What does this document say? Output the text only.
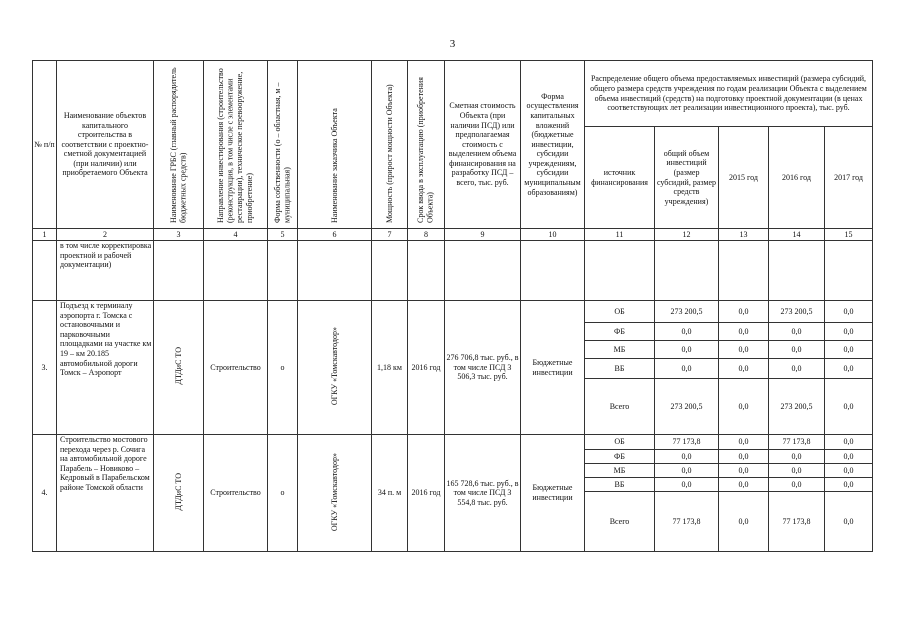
3
№ п/п	Наименование объектов капитального строительства в соответствии с проектно-сметной документацией (при наличии) или приобретаемого Объекта	Наименование ГРБС (главный распорядитель бюджетных средств)	Направление инвестирования (строительство (реконструкция, в том числе с элементами реставрации), техническое перевооружение, приобретение)	Форма собственности (о – областная, м – муниципальная)	Наименование заказчика Объекта	Мощность (прирост мощности Объекта)	Срок ввода в эксплуатацию (приобретения Объекта)	Сметная стоимость Объекта (при наличии ПСД) или предполагаемая стоимость с выделением объема финансирования на разработку ПСД – всего, тыс. руб.	Форма осуществления капитальных вложений (бюджетные инвестиции, субсидии учреждениям, субсидии муниципальным образованиям)	Распределение общего объема предоставляемых инвестиций (размера субсидий, общего размера средств учреждения по годам реализации Объекта с выделением объема инвестиций (средств) на подготовку проектной документации (в ценах соответствующих лет реализации инвестиционного проекта), тыс. руб.				
										источник финансирования	общий объем инвестиций (размер субсидий, размер средств учреждения)	2015 год	2016 год	2017 год
1	2	3	4	5	6	7	8	9	10	11	12	13	14	15
	в том числе корректировка проектной и рабочей документации)													
3.	Подъезд к терминалу аэропорта г. Томска с остановочными и парковочными площадками на участке км 19 – км 20.185 автомобильной дороги Томск – Аэропорт	ДТДиС ТО	Строительство	о	ОГКУ «Томскавтодор»	1,18 км	2016 год	276 706,8 тыс. руб., в том числе ПСД 3 506,3 тыс. руб.	Бюджетные инвестиции	ОБ	273 200,5	0,0	273 200,5	0,0
										ФБ	0,0	0,0	0,0	0,0
										МБ	0,0	0,0	0,0	0,0
										ВБ	0,0	0,0	0,0	0,0
										Всего	273 200,5	0,0	273 200,5	0,0
4.	Строительство мостового перехода через р. Сочига на автомобильной дороге Парабель – Новиково – Кедровый в Парабельском районе Томской области	ДТДиС ТО	Строительство	о	ОГКУ «Томскавтодор»	34 п. м	2016 год	165 728,6 тыс. руб., в том числе ПСД 3 554,8 тыс. руб.	Бюджетные инвестиции	ОБ	77 173,8	0,0	77 173,8	0,0
										ФБ	0,0	0,0	0,0	0,0
										МБ	0,0	0,0	0,0	0,0
										ВБ	0,0	0,0	0,0	0,0
										Всего	77 173,8	0,0	77 173,8	0,0
